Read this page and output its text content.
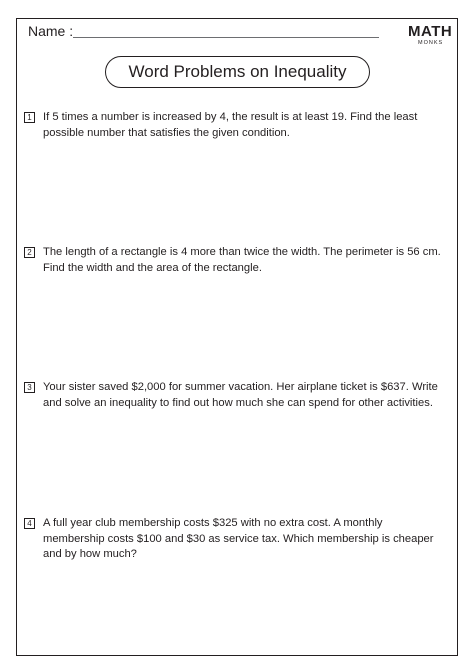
Name :	MATH
MONKS
Word Problems on Inequality
1 If 5 times a number is increased by 4, the result is at least 19. Find the least possible number that satisfies the given condition.
2 The length of a rectangle is 4 more than twice the width. The perimeter is 56 cm. Find the width and the area of the rectangle.
3 Your sister saved $2,000 for summer vacation. Her airplane ticket is $637. Write and solve an inequality to find out how much she can spend for other activities.
4 A full year club membership costs $325 with no extra cost. A monthly membership costs $100 and $30 as service tax. Which membership is cheaper and by how much?
